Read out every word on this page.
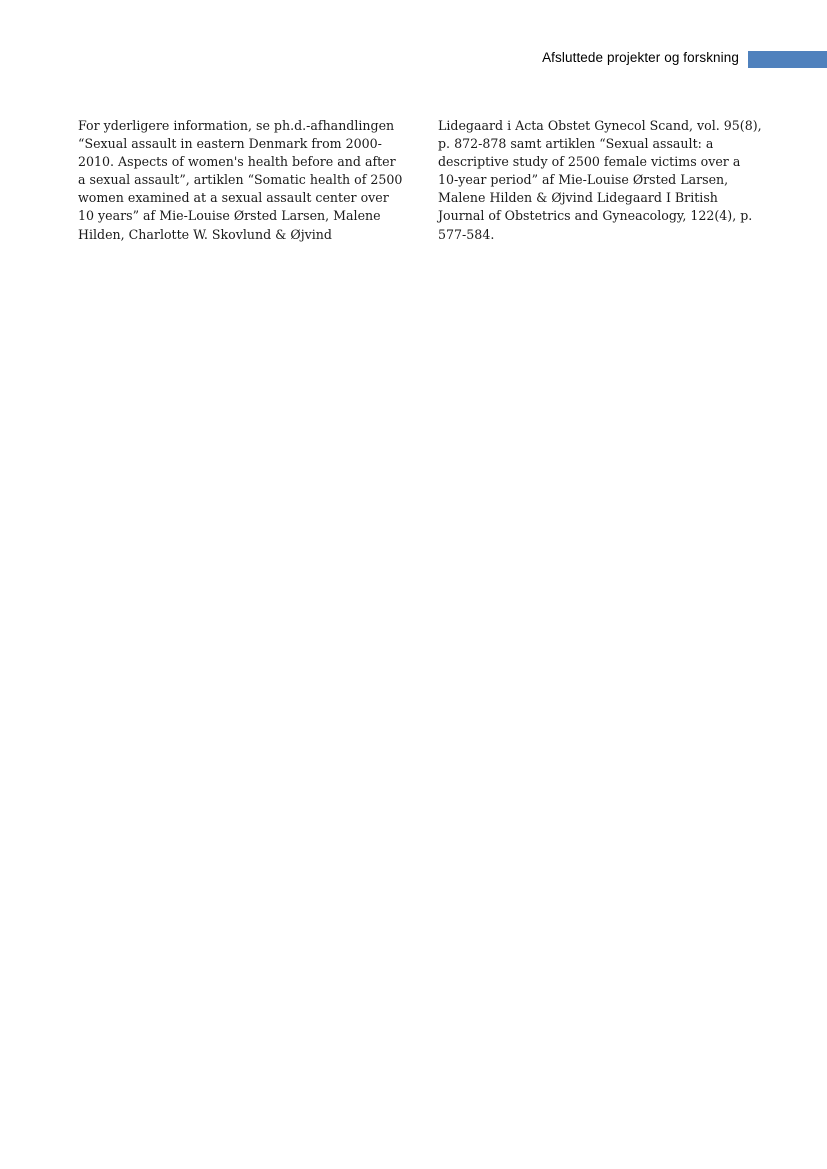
Afsluttede projekter og forskning
For yderligere information, se ph.d.-afhandlingen
“Sexual assault in eastern Denmark from 2000-
2010. Aspects of women's health before and after
a sexual assault”, artiklen “Somatic health of 2500
women examined at a sexual assault center over
10 years” af Mie-Louise Ørsted Larsen, Malene
Hilden, Charlotte W. Skovlund & Øjvind
Lidegaard i Acta Obstet Gynecol Scand, vol. 95(8),
p. 872-878 samt artiklen “Sexual assault: a
descriptive study of 2500 female victims over a
10-year period” af Mie-Louise Ørsted Larsen,
Malene Hilden & Øjvind Lidegaard I British
Journal of Obstetrics and Gyneacology, 122(4), p.
577-584.
